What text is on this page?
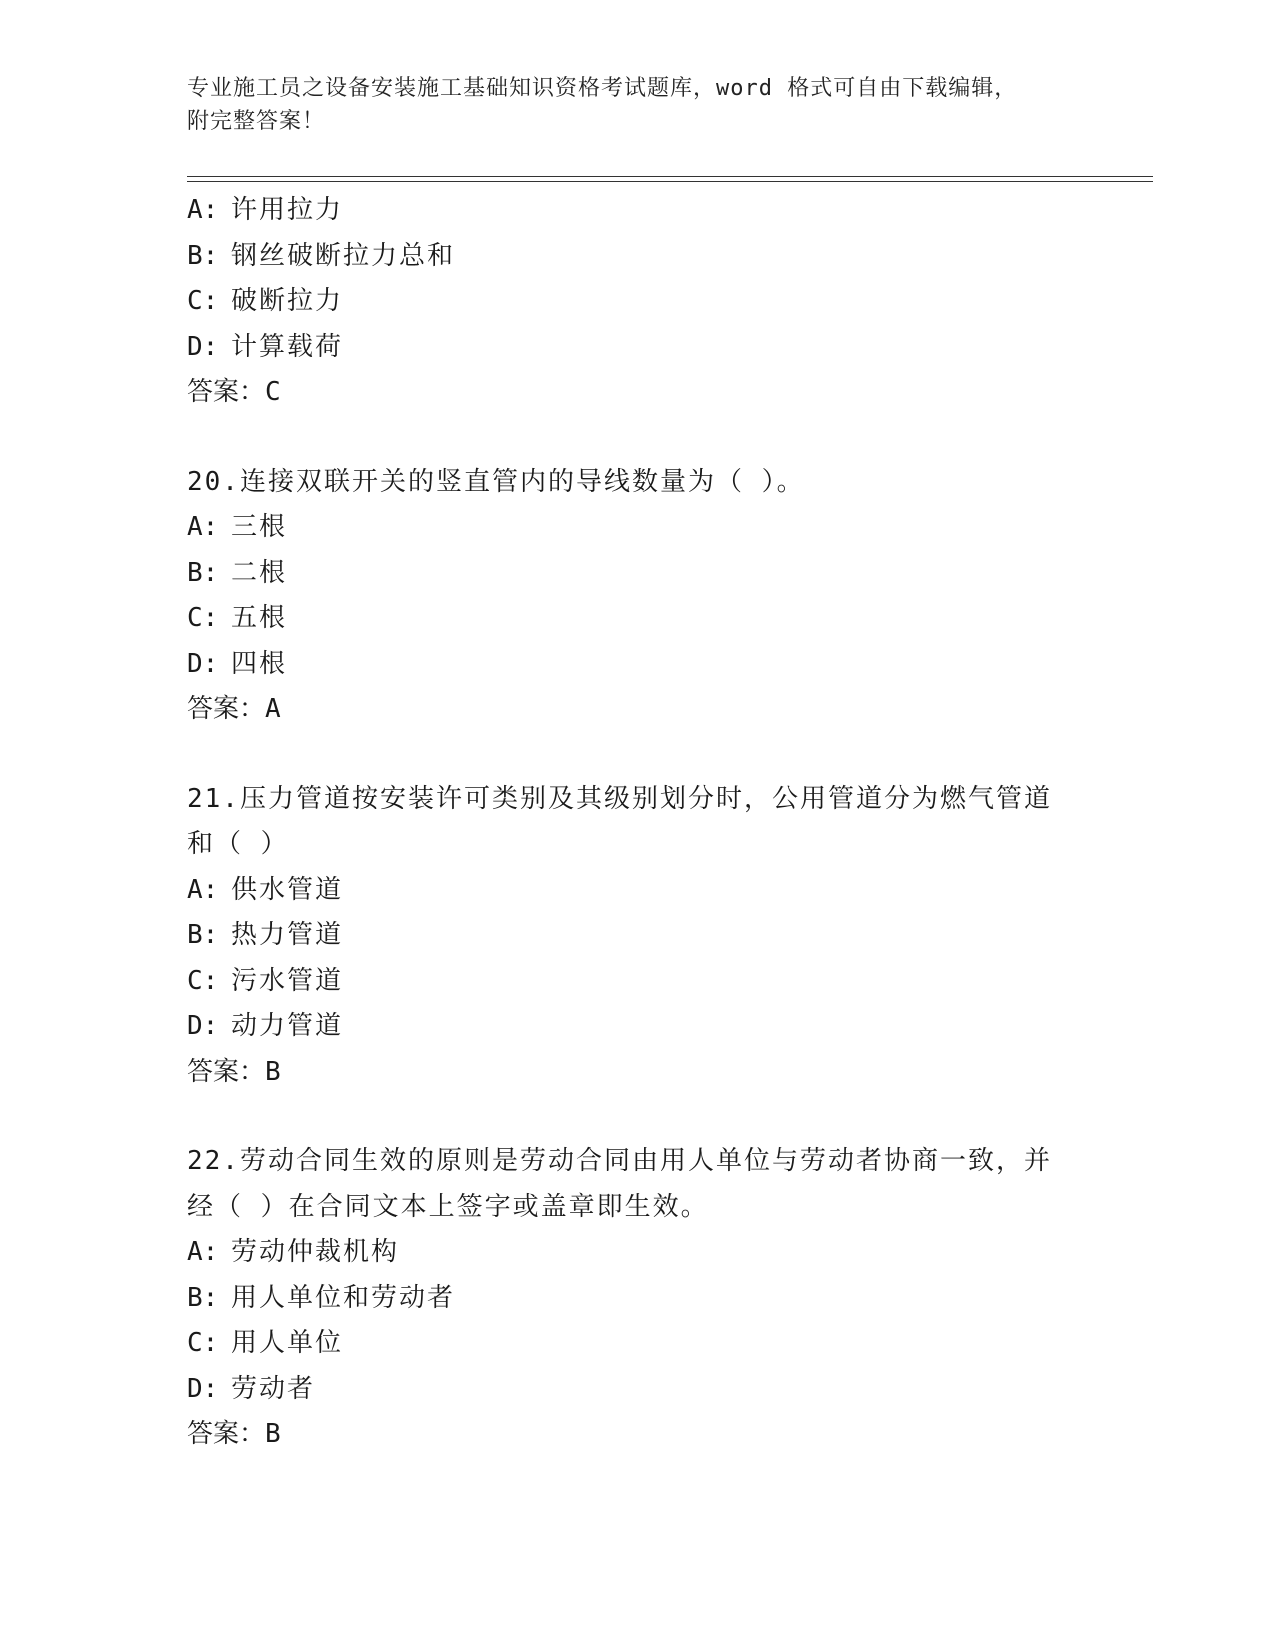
专业施工员之设备安装施工基础知识资格考试题库，word 格式可自由下载编辑，
附完整答案！
A: 许用拉力
B: 钢丝破断拉力总和
C: 破断拉力
D: 计算载荷
答案：C
20.连接双联开关的竖直管内的导线数量为（ ）。
A: 三根
B: 二根
C: 五根
D: 四根
答案：A
21.压力管道按安装许可类别及其级别划分时，公用管道分为燃气管道和（ ）
A: 供水管道
B: 热力管道
C: 污水管道
D: 动力管道
答案：B
22.劳动合同生效的原则是劳动合同由用人单位与劳动者协商一致，并经（ ）在合同文本上签字或盖章即生效。
A: 劳动仲裁机构
B: 用人单位和劳动者
C: 用人单位
D: 劳动者
答案：B
